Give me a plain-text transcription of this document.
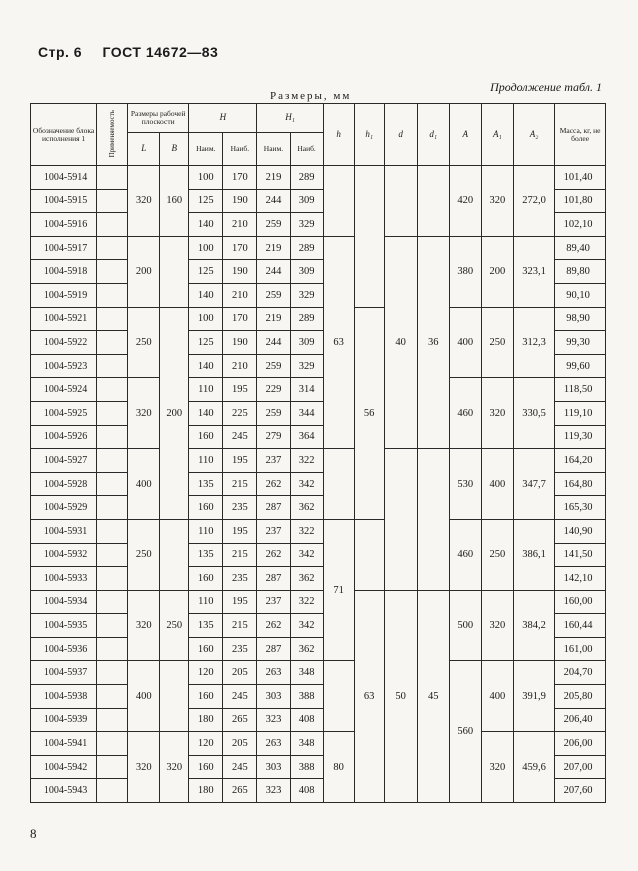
Стр. 6 ГОСТ 14672—83
Продолжение табл. 1
Размеры, мм
Обозначение блока исполнения 1	Применяемость	Размеры рабочей плоскости		H		H₁		h	h₁	d	d₁	A	A₁	A₂	Масса, кг, не более
		L	B	Наим.	Наиб.	Наим.	Наиб.								
1004-5914		320	160	100	170	219	289					420	320	272,0	101,40
1004-5915				125	190	244	309								101,80
1004-5916				140	210	259	329								102,10
1004-5917		200		100	170	219	289	63		40	36	380	200	323,1	89,40
1004-5918				125	190	244	309								89,80
1004-5919				140	210	259	329								90,10
1004-5921		250	200	100	170	219	289		56			400	250	312,3	98,90
1004-5922				125	190	244	309								99,30
1004-5923				140	210	259	329								99,60
1004-5924		320		110	195	229	314					460	320	330,5	118,50
1004-5925				140	225	259	344								119,10
1004-5926				160	245	279	364								119,30
1004-5927		400		110	195	237	322					530	400	347,7	164,20
1004-5928				135	215	262	342								164,80
1004-5929				160	235	287	362								165,30
1004-5931		250		110	195	237	322	71				460	250	386,1	140,90
1004-5932				135	215	262	342								141,50
1004-5933				160	235	287	362								142,10
1004-5934		320	250	110	195	237	322		63	50	45	500	320	384,2	160,00
1004-5935				135	215	262	342								160,44
1004-5936				160	235	287	362								161,00
1004-5937		400		120	205	263	348					560	400	391,9	204,70
1004-5938				160	245	303	388								205,80
1004-5939				180	265	323	408								206,40
1004-5941		320	320	120	205	263	348	80					320	459,6	206,00
1004-5942				160	245	303	388								207,00
1004-5943				180	265	323	408								207,60
8
